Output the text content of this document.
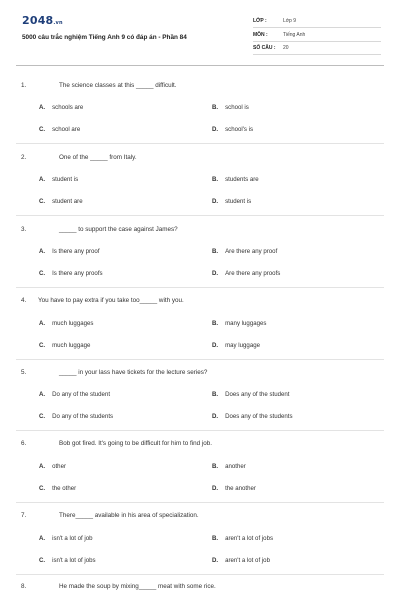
2048.vn
5000 câu trắc nghiệm Tiếng Anh 9 có đáp án - Phần 84
LỚP :	Lớp 9
MÔN :	Tiếng Anh
SỐ CÂU : 20
1.	The science classes at this _____ difficult.
A. schools are	B. school is
C. school are	D. school's is
2.	One of the _____ from Italy.
A. student is	B. students are
C. student are	D. student is
3.	_____ to support the case against James?
A. Is there any proof	B. Are there any proof
C. Is there any proofs	D. Are there any proofs
4. You have to pay extra if you take too_____ with you.
A. much luggages	B. many luggages
C. much luggage	D. may luggage
5.	_____ in your lass have tickets for the lecture series?
A. Do any of the student	B. Does any of the student
C. Do any of the students	D. Does any of the students
6.	Bob got fired. It's going to be difficult for him to find job.
A. other	B. another
C. the other	D. the another
7.	There_____ available in his area of specialization.
A. isn't a lot of job	B. aren't a lot of jobs
C. isn't a lot of jobs	D. aren't a lot of job
8.	He made the soup by mixing_____ meat with some rice.
